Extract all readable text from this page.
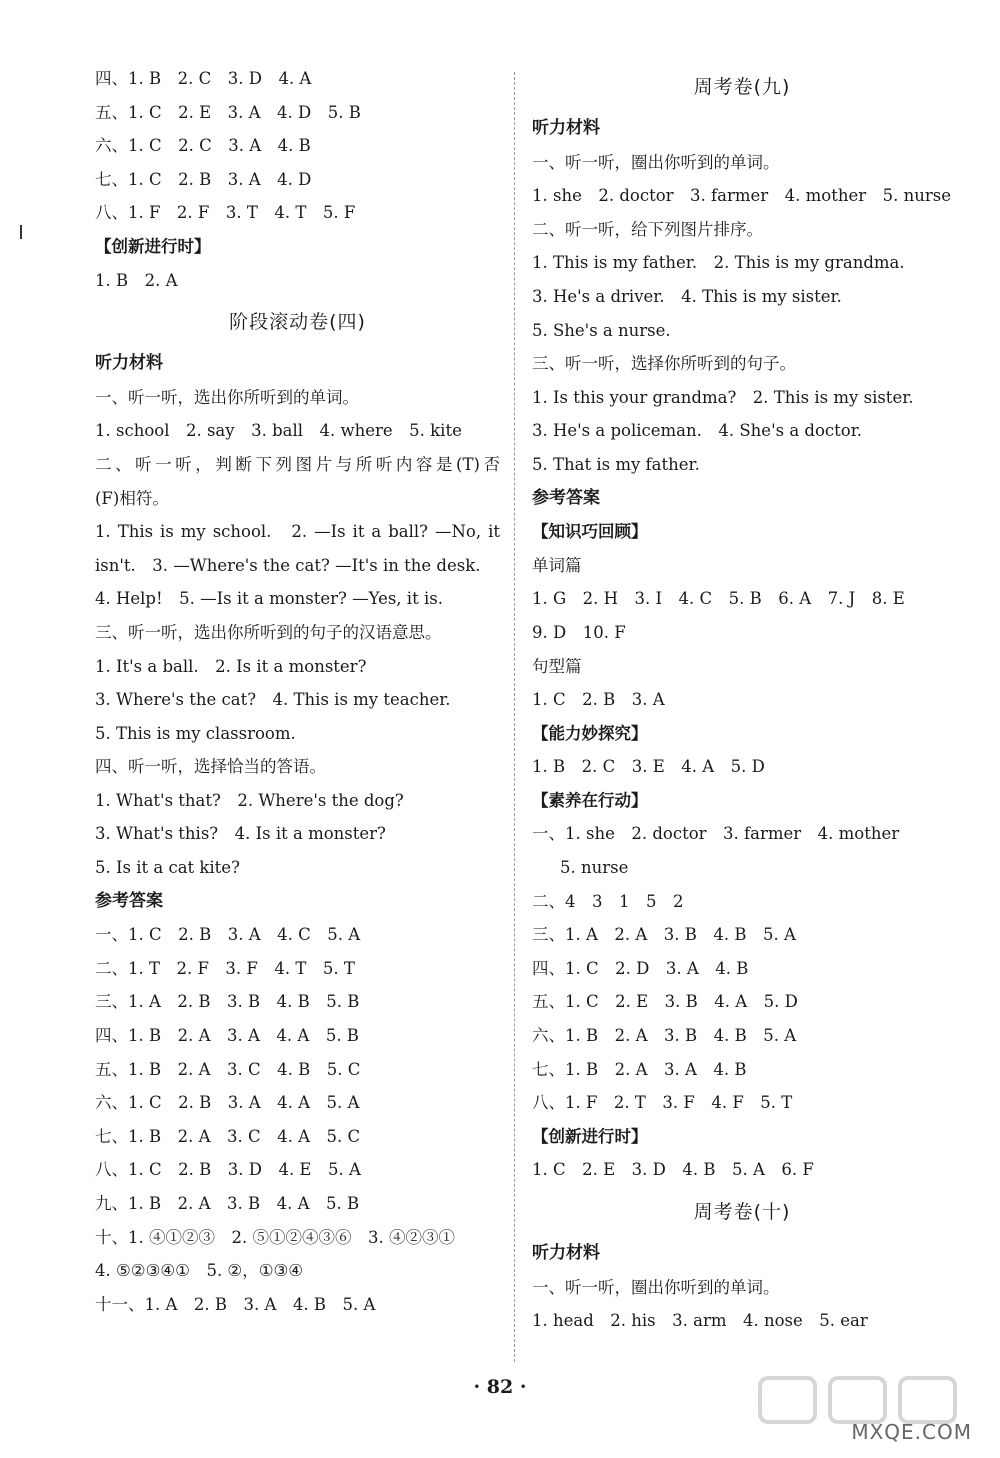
四、1. B　2. C　3. D　4. A
五、1. C　2. E　3. A　4. D　5. B
六、1. C　2. C　3. A　4. B
七、1. C　2. B　3. A　4. D
八、1. F　2. F　3. T　4. T　5. F
【创新进行时】
1. B　2. A
阶段滚动卷(四)
听力材料
一、听一听，选出你所听到的单词。
1. school　2. say　3. ball　4. where　5. kite
二、听一听，判断下列图片与所听内容是(T)否
(F)相符。
1. This is my school.　2. —Is it a ball? —No, it
isn't.　3. —Where's the cat? —It's in the desk.
4. Help!　5. —Is it a monster? —Yes, it is.
三、听一听，选出你所听到的句子的汉语意思。
1. It's a ball.　2. Is it a monster?
3. Where's the cat?　4. This is my teacher.
5. This is my classroom.
四、听一听，选择恰当的答语。
1. What's that?　2. Where's the dog?
3. What's this?　4. Is it a monster?
5. Is it a cat kite?
参考答案
一、1. C　2. B　3. A　4. C　5. A
二、1. T　2. F　3. F　4. T　5. T
三、1. A　2. B　3. B　4. B　5. B
四、1. B　2. A　3. A　4. A　5. B
五、1. B　2. A　3. C　4. B　5. C
六、1. C　2. B　3. A　4. A　5. A
七、1. B　2. A　3. C　4. A　5. C
八、1. C　2. B　3. D　4. E　5. A
九、1. B　2. A　3. B　4. A　5. B
十、1. ④①②③　2. ⑤①②④③⑥　3. ④②③①
4. ⑤②③④①　5. ②，①③④
十一、1. A　2. B　3. A　4. B　5. A
周考卷(九)
听力材料
一、听一听，圈出你听到的单词。
1. she　2. doctor　3. farmer　4. mother　5. nurse
二、听一听，给下列图片排序。
1. This is my father.　2. This is my grandma.
3. He's a driver.　4. This is my sister.
5. She's a nurse.
三、听一听，选择你所听到的句子。
1. Is this your grandma?　2. This is my sister.
3. He's a policeman.　4. She's a doctor.
5. That is my father.
参考答案
【知识巧回顾】
单词篇
1. G　2. H　3. I　4. C　5. B　6. A　7. J　8. E
9. D　10. F
句型篇
1. C　2. B　3. A
【能力妙探究】
1. B　2. C　3. E　4. A　5. D
【素养在行动】
一、1. she　2. doctor　3. farmer　4. mother
5. nurse
二、4　3　1　5　2
三、1. A　2. A　3. B　4. B　5. A
四、1. C　2. D　3. A　4. B
五、1. C　2. E　3. B　4. A　5. D
六、1. B　2. A　3. B　4. B　5. A
七、1. B　2. A　3. A　4. B
八、1. F　2. T　3. F　4. F　5. T
【创新进行时】
1. C　2. E　3. D　4. B　5. A　6. F
周考卷(十)
听力材料
一、听一听，圈出你听到的单词。
1. head　2. his　3. arm　4. nose　5. ear
· 82 ·
MXQE.COM
